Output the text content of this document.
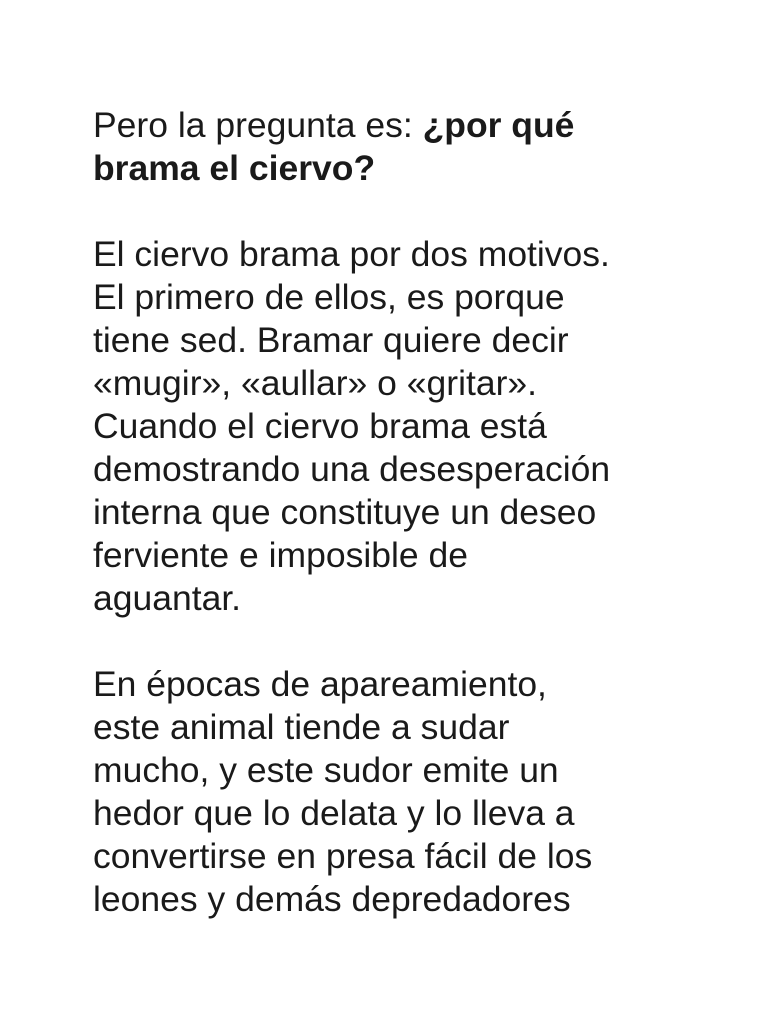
Pero la pregunta es: ¿por qué
brama el ciervo?

El ciervo brama por dos motivos.
El primero de ellos, es porque
tiene sed. Bramar quiere decir
«mugir», «aullar» o «gritar».
Cuando el ciervo brama está
demostrando una desesperación
interna que constituye un deseo
ferviente e imposible de
aguantar.

En épocas de apareamiento,
este animal tiende a sudar
mucho, y este sudor emite un
hedor que lo delata y lo lleva a
convertirse en presa fácil de los
leones y demás depredadores
